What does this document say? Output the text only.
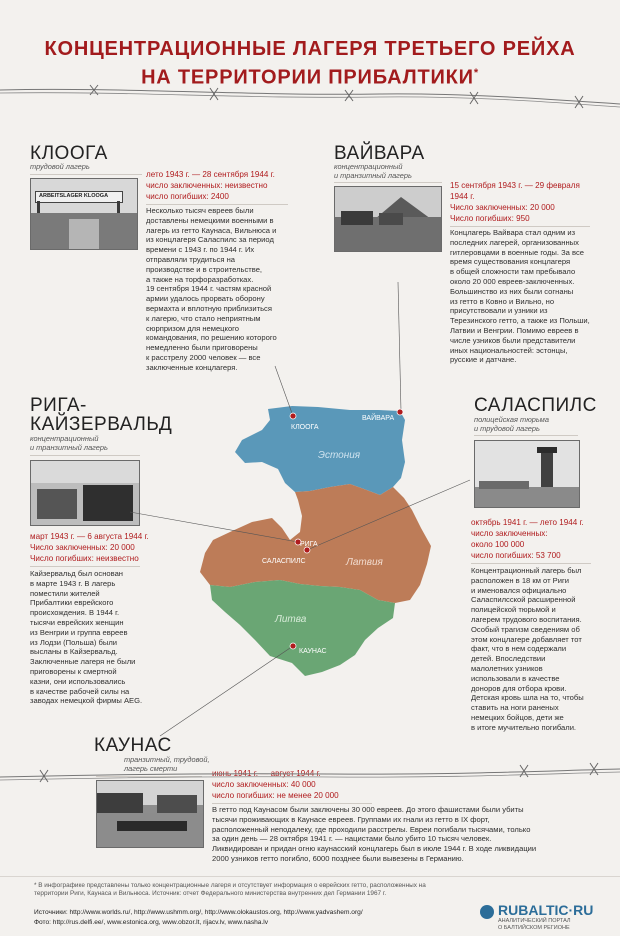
КОНЦЕНТРАЦИОННЫЕ ЛАГЕРЯ ТРЕТЬЕГО РЕЙХА
НА ТЕРРИТОРИИ ПРИБАЛТИКИ*
КЛООГА
трудовой лагерь
ARBEITSLAGER KLOOGA
лето 1943 г. — 28 сентября 1944 г.
число заключенных: неизвестно
число погибших: 2400
Несколько тысяч евреев были
доставлены немецкими военными в
лагерь из гетто Каунаса, Вильнюса и
из концлагеря Саласпилс за период
времени с 1943 г. по 1944 г. Их
отправляли трудиться на
производстве и в строительстве,
а также на торфоразработках.
19 сентября 1944 г. частям красной
армии удалось прорвать оборону
вермахта и вплотную приблизиться
к лагерю, что стало неприятным
сюрпризом для немецкого
командования, по решению которого
немедленно были приговорены
к расстрелу 2000 человек — все
заключенные концлагеря.
ВАЙВАРА
концентрационный
и транзитный лагерь
15 сентября 1943 г. — 29 февраля
1944 г.
Число заключенных: 20 000
Число погибших: 950
Концлагерь Вайвара стал одним из
последних лагерей, организованных
гитлеровцами в военные годы. За все
время существования концлагеря
в общей сложности там пребывало
около 20 000 евреев-заключенных.
Большинство из них были согнаны
из гетто в Ковно и Вильно, но
присутствовали и узники из
Терезинского гетто, а также из Польши,
Латвии и Венгрии. Помимо евреев в
числе узников были представители
иных национальностей: эстонцы,
русские и датчане.
РИГА-
КАЙЗЕРВАЛЬД
концентрационный
и транзитный лагерь
март 1943 г. — 6 августа 1944 г.
Число заключенных: 20 000
Число погибших: неизвестно
Кайзервальд был основан
в марте 1943 г. В лагерь
поместили жителей
Прибалтики еврейского
происхождения. В 1944 г.
тысячи еврейских женщин
из Венгрии и группа евреев
из Лодзи (Польша) были
высланы в Кайзервальд.
Заключенные лагеря не были
приговорены к смертной
казни, они использовались
в качестве рабочей силы на
заводах немецкой фирмы AEG.
САЛАСПИЛС
полицейская тюрьма
и трудовой лагерь
октябрь 1941 г. — лето 1944 г.
число заключенных:
около 100 000
число погибших: 53 700
Концентрационный лагерь был
расположен в 18 км от Риги
и именовался официально
Саласпилсской расширенной
полицейской тюрьмой и
лагерем трудового воспитания.
Особый трагизм сведениям об
этом концлагере добавляет тот
факт, что в нем содержали
детей. Впоследствии
малолетних узников
использовали в качестве
доноров для отбора крови.
Детская кровь шла на то, чтобы
ставить на ноги раненых
немецких бойцов, дети же
в итоге мучительно погибали.
КЛООГА
ВАЙВАРА
Эстония
РИГА
САЛАСПИЛС	Латвия
Литва
КАУНАС
КАУНАС
транзитный, трудовой,
лагерь смерти
июнь 1941 г. — август 1944 г.
число заключенных: 40 000
число погибших: не менее 20 000
В гетто под Каунасом были заключены 30 000 евреев. До этого фашистами были убиты
тысячи проживающих в Каунасе евреев. Группами их гнали из гетто в IX форт,
расположенный неподалеку, где проходили расстрелы. Евреи погибали тысячами, только
за один день — 28 октября 1941 г. — нацистами было убито 10 тысяч человек.
Ликвидирован и придан огню каунасский концлагерь был в июле 1944 г. В ходе ликвидации
2000 узников гетто погибло, 6000 позднее были вывезены в Германию.
* В инфографике представлены только концентрационные лагеря и отсутствует информация о еврейских гетто, расположенных на
территории Риги, Каунаса и Вильнюса. Источник: отчет Федерального министерства внутренних дел Германии 1967 г.
Источники: http://www.worlds.ru/, http://www.ushmm.org/, http://www.olokaustos.org, http://www.yadvashem.org/
Фото: http://rus.delfi.ee/, www.estonica.org, www.obzor.lt, rijacv.lv, www.nasha.lv
RUBALTIC·RU
АНАЛИТИЧЕСКИЙ ПОРТАЛ
О БАЛТИЙСКОМ РЕГИОНЕ
